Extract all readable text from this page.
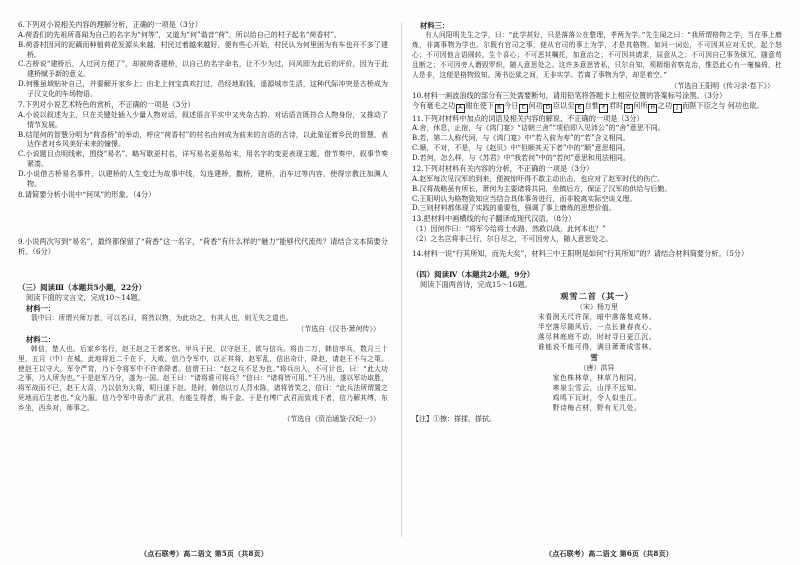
6.下列对小说相关内容的理解分析，正确的一项是（3分）

A.荷香们的先祖所喜闻为自己的名字为“何等”，又道为“何”谐音“荷”，所以给自己的村子起名“荷香村”。

B.荷香村因河的泥藕而种植荷花发源头来越，村民过着越来越好，便有些心开始，村民认为何里困为有车也开不多了建桥。

C.古桥说“建桥后，人过河方便了”，却被荷香建桥，以自己的名字命名，让不少为过，问风即为此后的评价，因为于此建桥赋予新的意义。

D.何雅虽域贴补自己，并要解开家乡上；由北上何宝真欢打过，邑经地取钱，遥源城市生活，这种代际冲突是古桥成为子汉文化的车场物语。

7.下列对小说艺术特色的赏析，不正确的一项是（3分）

A.小说以叙述为主，只在关键处插入少量人物对话，叙述语言平实中又夹杂古韵，对话语言既符合人物身份，又推动了情节发展。

B.结尾何的智慧分明为“荷香桥”的举动，呼应“荷香村”的村名由何成为前来的言语的古诗，以此象征着乡民的智慧，表达作者对乡风美好未来的憧憬。

C.小说题目点明线索，围绕“易名”、略写歇更村名，详写易名更易始末，用名字的变更表现主题，借节奏中，叙事节奏紧凑。

D.小说借古桥易名事件，以建桥的人生变迁为故事中线，勾连建桥，撒桥，建桥，泊车过等内容，使得宗教注加渊人物。

8.请简要分析小说中“何凤”的形象。（4分）

9.小说两次写到“易名”，最终都保留了“荷香”这一名字，“荷香”有什么样的“魅力”能够代代流传？请结合文本简要分析。（6分）

（三）阅读Ⅲ（本题共5小题，22分）

阅读下面的文言文，完成10～14题。

材料一：

箭中曰：所谓兴师万者，可以名曰，将然以物，为此功之，有其人也，则无失之道也。

（节选自《汉书·萧何传》）

材料二：

韩信，楚人也。后家乡名行，赵王赵之王者客官。甲兵于民，以守赵王，欲与信兵。将由二万，韩信率兵，数月三十里，五月（中）在城，此地将近二千在下，大败。信乃令军中，以正其将，赵军乱，信出奇计，降赵，请赵王不与之策。使赵王以守大，军令严苛，乃下令将军中不许杀降者。信谓王曰：“赵之兵不足为也。”将兵出入，不可计也，曰：“此大功之事，乃人所为也。”于是赵军乃分，遂为一国。赵王曰：“诸将谁可将兵？”信曰：“诸将皆可用。”王乃出，遂以军功取胜，将军战而不已，赵王大喜，乃以信为大将，明日遂下赵。是时，韩信以万人背水陈，诸将皆笑之，信曰：“此兵法所谓置之死地而后生者也。”众乃服。信乃令军中毋杀广武君，有能生得者，购千金。于是有缚广武君而致戏下者，信乃解其缚，东乡坐，西乡对，师事之。

（节选自《资治通鉴·汉纪一》）

材料三：

有人问阳明先生之学，曰：“此学甚好，只是落落公在整理，孝两为学。”先生闻之曰：“我所谓格物之学，当在事上磨炼，非离事物为学也。尔既有官司之事，便从官司的事上为学，才是真格物。如问一词讼，不可因其应对无状，起个怒心；不可因他言语圆转，生个喜心；不可恶其嘱托，加意治之；不可因其请求，屈意从之；不可因自己事务烦冗，随意苟且断之；不可因旁人谮毁罗织，随人意思处之。这许多意思皆私，只尔自知，须精细省察克治，惟恐此心有一毫偏倚，杜人是非，这便是格物致知。簿书讼狱之间，无非实学。若离了事物为学，却是着空。”

（节选自王阳明《传习录·卷下》）

10.材料一画波浪线的部分有三处需要断句，请用铅笔将答题卡上相应位置的答案标号涂黑。（3分）

今有毫毛之功 A 谢在使下 B 今日 C 何功 D 臣以至 E 自惟 F 君时 G 何所 H 之功 J 而陛下臣之与 何功也欲。

11.下列对材料中加点的词语及相关内容的解说，不正确的一项是（3分）

A.舍，休息，止宿，与《鸿门宴》“诘朝三舍”“项伯即入见沛公”的“舍”意思不同。

B.若，第二人称代词，与《鸿门宴》中“若入前为寿”的“若”含义相同。

C.顺，不对，不是，与《赵贝》中“但顺其天下者”中的“顺”意思相同。

D.若何，怎么样，与《苏君》中“我若何”中的“若何”意思和用法相同。

12.下列对材料有关内容的分析，不正确的一项是（3分）

A.赵军每次见汉军的到来，便被惊吓得不敢主动出击，也应对了赵军时代的伤亡。

B.汉将战略虽有所长，萧何为主要诸将共同，坐镇后方，保证了汉军的供给与后勤。

C.王阳明认为格物致知应当结合具体事务进行，而非脱离实际空谈义理。

D.三则材料都体现了实践的重要性，强调了事上磨炼的思想价值。

13.把材料中画横线的句子翻译成现代汉语。（8分）

（1）因何作曰：“将军今给将士水路，然救以战，此何本也？”

（2）之名岂将非己行，尔日尽之，不可因旁人，随人意思处之。

14.材料一说“行其所知，而先大矣”，材料三中王阳明是如何“行其所知”的？请结合材料简要分析。（5分）

（四）阅读Ⅳ（本题共2小题，9分）

阅读下面两首诗，完成15～16题。

观雪二首（其一）

（宋）杨万里

末看润天尺许深，暗中落落复成林。

半空落尽随风后，一点长兼春夜心。

落尽林庭庭不动，时时寻日更江沉。

谁能说不能可得，满目萧萧成雪林。

雪

（唐）洪异

家色株林草，林草乃相同。

寒泉尘雪云，山浮不远知。

鸡鸣下瓦时，令人似坐江。

野诗梅占材，野有无几处。

【注】①擦：搽揉，搽拭。

（点石联考）高二语文 第5页（共8页）	（点石联考）高二语文 第6页（共8页）
